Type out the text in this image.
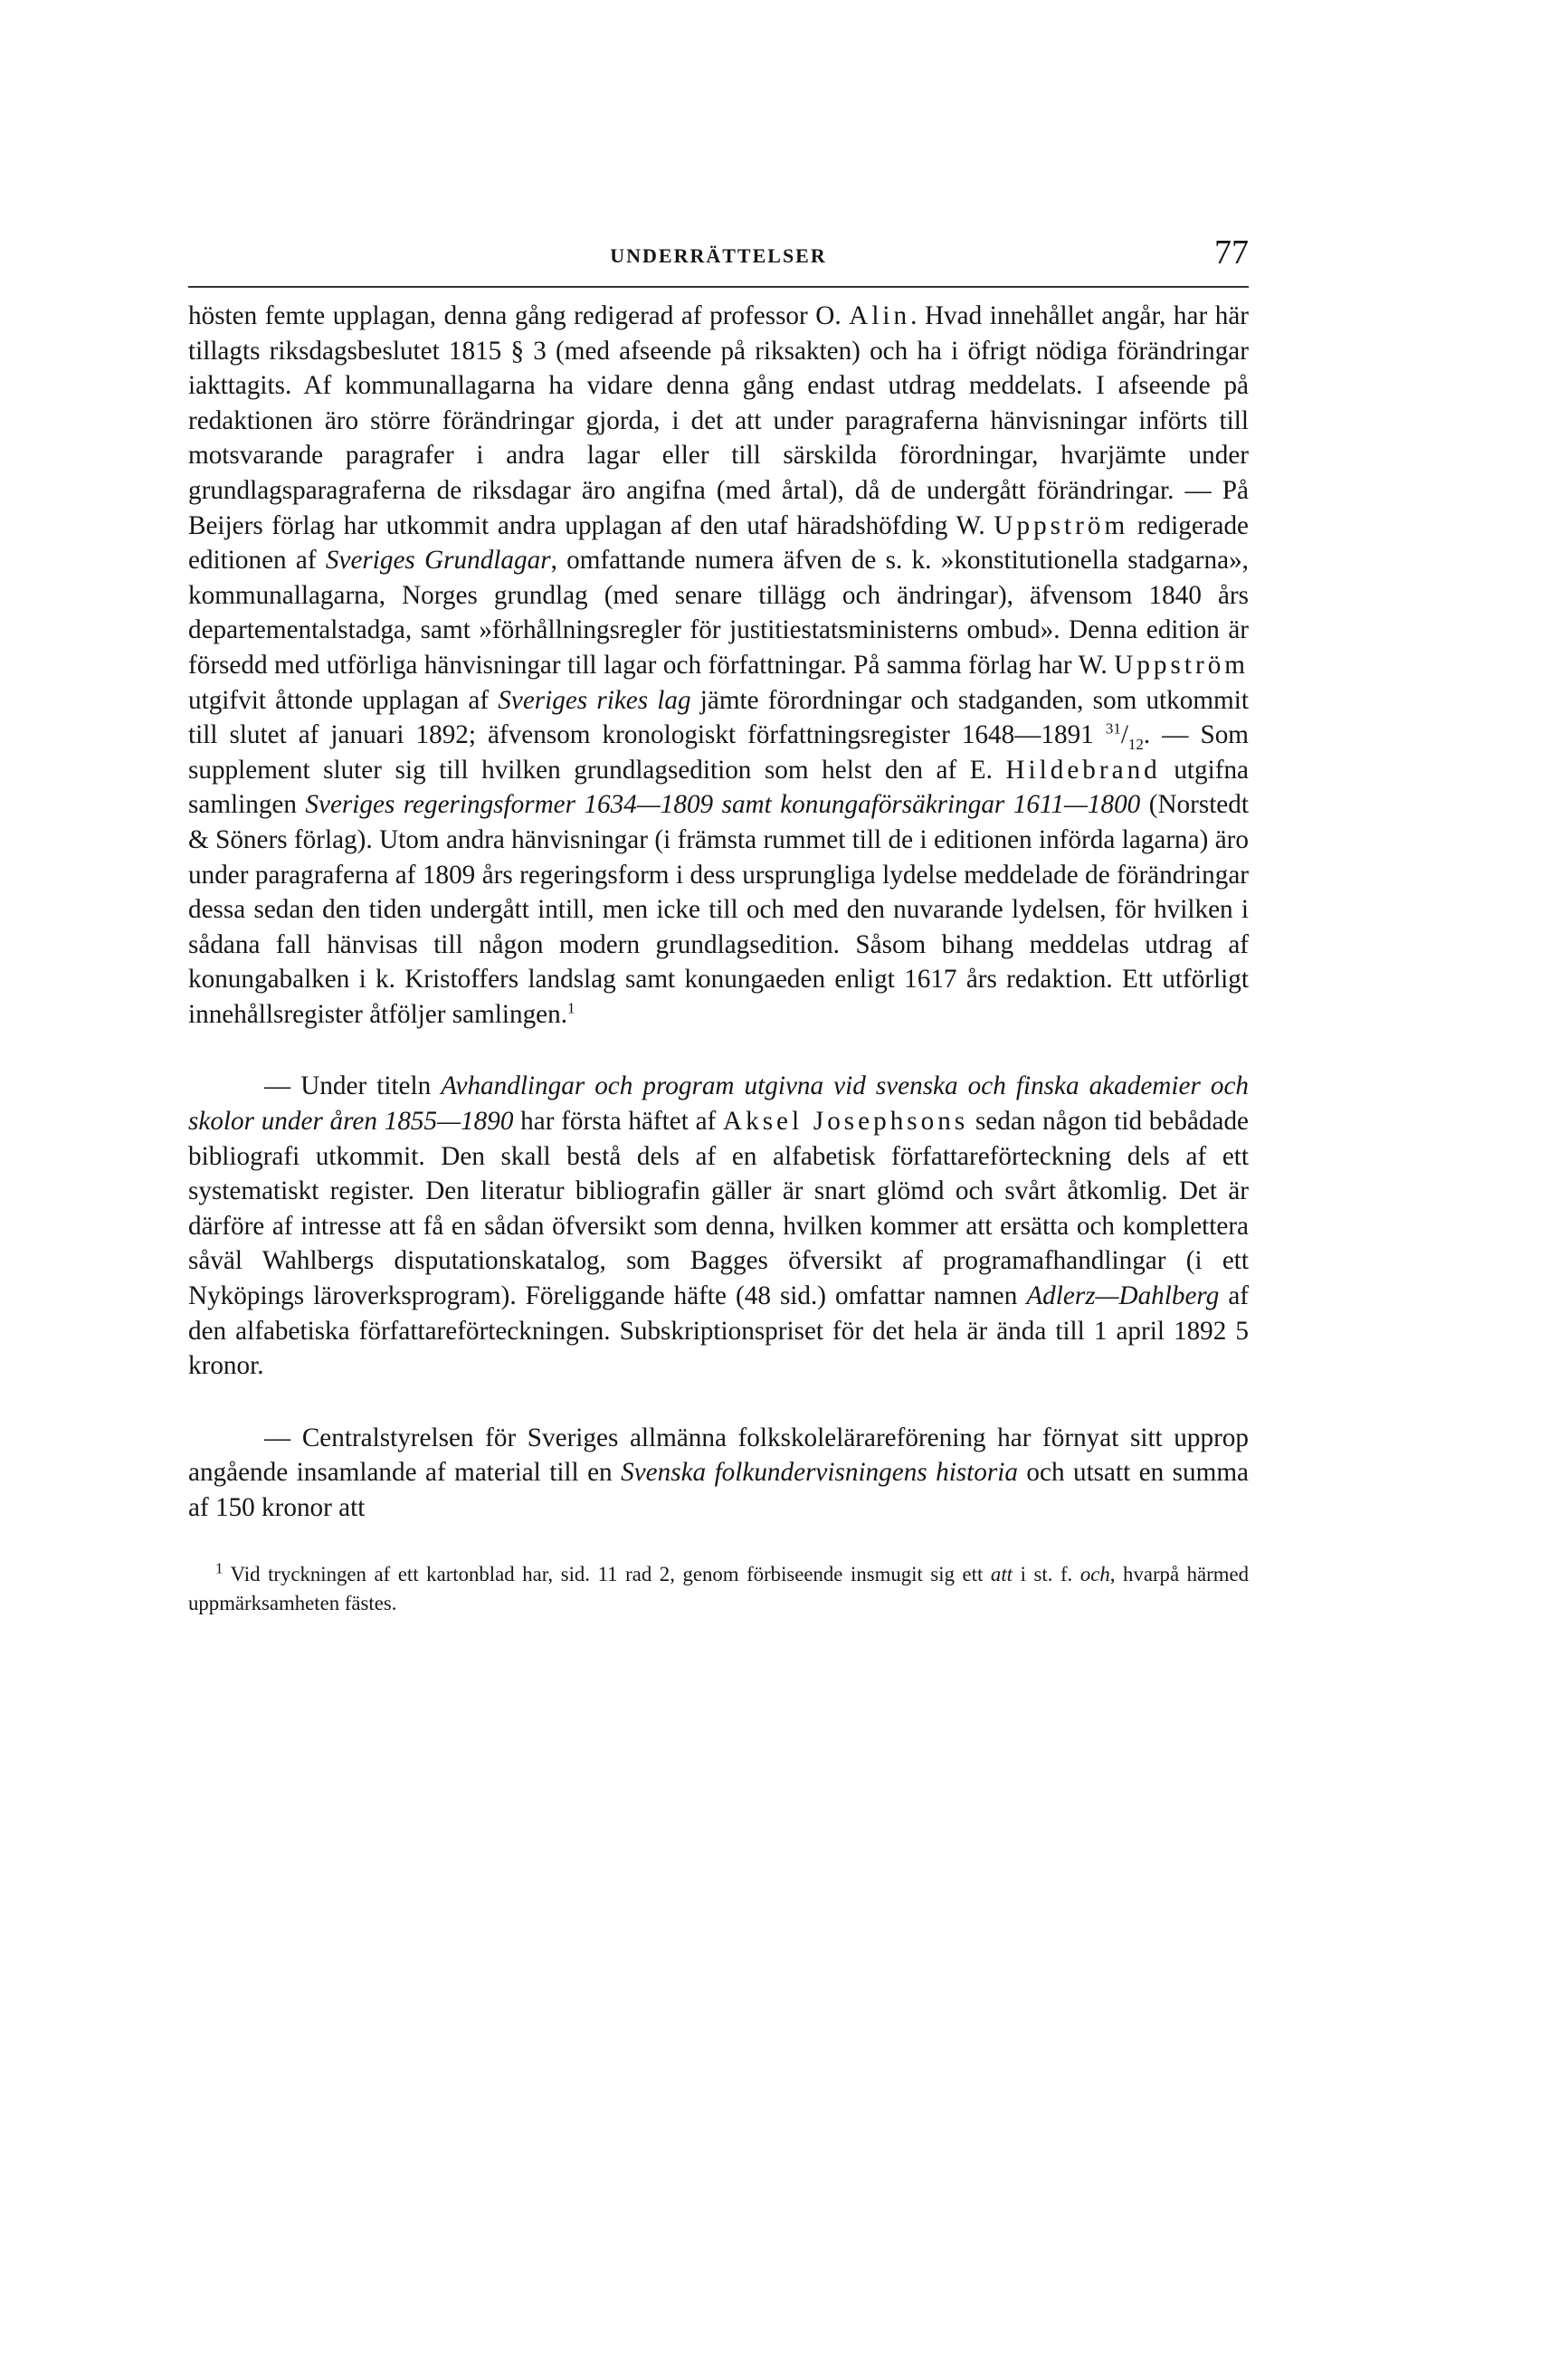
UNDERRÄTTELSER	77

hösten femte upplagan, denna gång redigerad af professor O. Alin. Hvad innehållet angår, har här tillagts riksdagsbeslutet 1815 § 3 (med afseende på riksakten) och ha i öfrigt nödiga förändringar iakttagits. Af kommunallagarna ha vidare denna gång endast utdrag meddelats. I afseende på redaktionen äro större förändringar gjorda, i det att under paragraferna hänvisningar införts till motsvarande paragrafer i andra lagar eller till särskilda förordningar, hvarjämte under grundlagsparagraferna de riksdagar äro angifna (med årtal), då de undergått förändringar. — På Beijers förlag har utkommit andra upplagan af den utaf häradshöfding W. Uppström redigerade editionen af Sveriges Grundlagar, omfattande numera äfven de s. k. »konstitutionella stadgarna», kommunallagarna, Norges grundlag (med senare tillägg och ändringar), äfvensom 1840 års departementalstadga, samt »förhållningsregler för justitiestatsministerns ombud». Denna edition är försedd med utförliga hänvisningar till lagar och författningar. På samma förlag har W. Uppström utgifvit åttonde upplagan af Sveriges rikes lag jämte förordningar och stadganden, som utkommit till slutet af januari 1892; äfvensom kronologiskt författningsregister 1648—1891 $^{31}/_{12}$. — Som supplement sluter sig till hvilken grundlagsedition som helst den af E. Hildebrand utgifna samlingen Sveriges regeringsformer 1634—1809 samt konungaförsäkringar 1611—1800 (Norstedt & Söners förlag). Utom andra hänvisningar (i främsta rummet till de i editionen införda lagarna) äro under paragraferna af 1809 års regeringsform i dess ursprungliga lydelse meddelade de förändringar dessa sedan den tiden undergått intill, men icke till och med den nuvarande lydelsen, för hvilken i sådana fall hänvisas till någon modern grundlagsedition. Såsom bihang meddelas utdrag af konungabalken i k. Kristoffers landslag samt konungaeden enligt 1617 års redaktion. Ett utförligt innehållsregister åtföljer samlingen.$^1$

— Under titeln Avhandlingar och program utgivna vid svenska och finska akademier och skolor under åren 1855—1890 har första häftet af Aksel Josephsons sedan någon tid bebådade bibliografi utkommit. Den skall bestå dels af en alfabetisk författareförteckning dels af ett systematiskt register. Den literatur bibliografin gäller är snart glömd och svårt åtkomlig. Det är därföre af intresse att få en sådan öfversikt som denna, hvilken kommer att ersätta och komplettera såväl Wahlbergs disputationskatalog, som Bagges öfversikt af programafhandlingar (i ett Nyköpings läroverksprogram). Föreliggande häfte (48 sid.) omfattar namnen Adlerz—Dahlberg af den alfabetiska författareförteckningen. Subskriptionspriset för det hela är ända till 1 april 1892 5 kronor.

— Centralstyrelsen för Sveriges allmänna folkskolelärareförening har förnyat sitt upprop angående insamlande af material till en Svenska folkundervisningens historia och utsatt en summa af 150 kronor att

$^1$ Vid tryckningen af ett kartonblad har, sid. 11 rad 2, genom förbiseende insmugit sig ett att i st. f. och, hvarpå härmed uppmärksamheten fästes.
